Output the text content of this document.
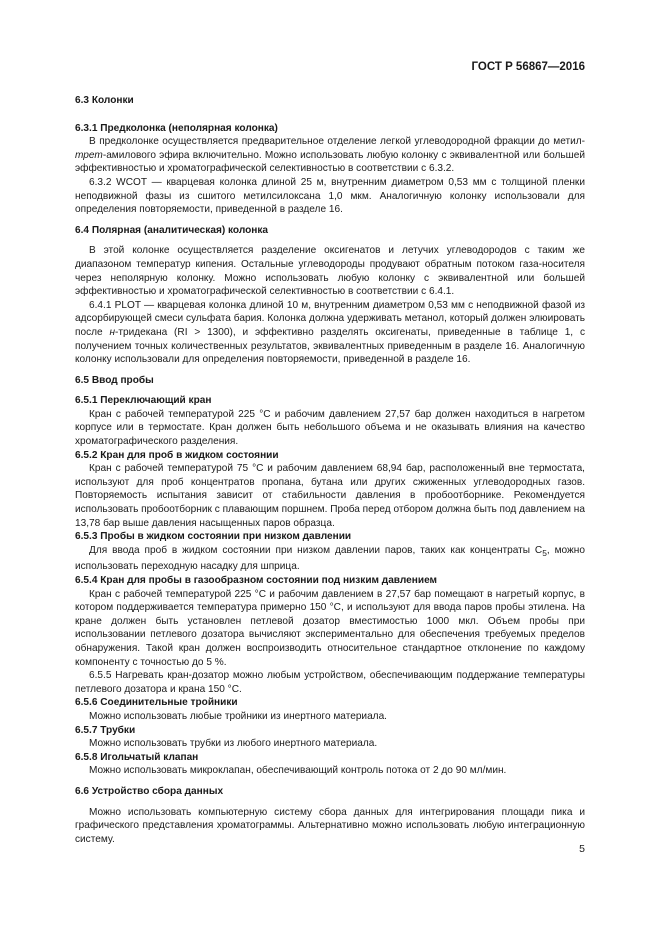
ГОСТ Р 56867—2016

6.3 Колонки

6.3.1 Предколонка (неполярная колонка)

В предколонке осуществляется предварительное отделение легкой углеводородной фракции до метил-трет-амилового эфира включительно. Можно использовать любую колонку с эквивалентной или большей эффективностью и хроматографической селективностью в соответствии с 6.3.2.

6.3.2 WCOT — кварцевая колонка длиной 25 м, внутренним диаметром 0,53 мм с толщиной пленки неподвижной фазы из сшитого метилсилоксана 1,0 мкм. Аналогичную колонку использовали для определения повторяемости, приведенной в разделе 16.

6.4 Полярная (аналитическая) колонка

В этой колонке осуществляется разделение оксигенатов и летучих углеводородов с таким же диапазоном температур кипения. Остальные углеводороды продувают обратным потоком газа-носителя через неполярную колонку. Можно использовать любую колонку с эквивалентной или большей эффективностью и хроматографической селективностью в соответствии с 6.4.1.

6.4.1 PLOT — кварцевая колонка длиной 10 м, внутренним диаметром 0,53 мм с неподвижной фазой из адсорбирующей смеси сульфата бария. Колонка должна удерживать метанол, который должен элюировать после н-тридекана (RI > 1300), и эффективно разделять оксигенаты, приведенные в таблице 1, с получением точных количественных результатов, эквивалентных приведенным в разделе 16. Аналогичную колонку использовали для определения повторяемости, приведенной в разделе 16.

6.5 Ввод пробы

6.5.1 Переключающий кран

Кран с рабочей температурой 225 °С и рабочим давлением 27,57 бар должен находиться в нагретом корпусе или в термостате. Кран должен быть небольшого объема и не оказывать влияния на качество хроматографического разделения.

6.5.2 Кран для проб в жидком состоянии

Кран с рабочей температурой 75 °С и рабочим давлением 68,94 бар, расположенный вне термостата, используют для проб концентратов пропана, бутана или других сжиженных углеводородных газов. Повторяемость испытания зависит от стабильности давления в пробоотборнике. Рекомендуется использовать пробоотборник с плавающим поршнем. Проба перед отбором должна быть под давлением на 13,78 бар выше давления насыщенных паров образца.

6.5.3 Пробы в жидком состоянии при низком давлении

Для ввода проб в жидком состоянии при низком давлении паров, таких как концентраты $С_5$, можно использовать переходную насадку для шприца.

6.5.4 Кран для пробы в газообразном состоянии под низким давлением

Кран с рабочей температурой 225 °С и рабочим давлением в 27,57 бар помещают в нагретый корпус, в котором поддерживается температура примерно 150 °С, и используют для ввода паров пробы этилена. На кране должен быть установлен петлевой дозатор вместимостью 1000 мкл. Объем пробы при использовании петлевого дозатора вычисляют экспериментально для обеспечения требуемых пределов обнаружения. Такой кран должен воспроизводить относительное стандартное отклонение по каждому компоненту с точностью до 5 %.

6.5.5 Нагревать кран-дозатор можно любым устройством, обеспечивающим поддержание температуры петлевого дозатора и крана 150 °С.

6.5.6 Соединительные тройники

Можно использовать любые тройники из инертного материала.

6.5.7 Трубки

Можно использовать трубки из любого инертного материала.

6.5.8 Игольчатый клапан

Можно использовать микроклапан, обеспечивающий контроль потока от 2 до 90 мл/мин.

6.6 Устройство сбора данных

Можно использовать компьютерную систему сбора данных для интегрирования площади пика и графического представления хроматограммы. Альтернативно можно использовать любую интеграционную систему.

5
